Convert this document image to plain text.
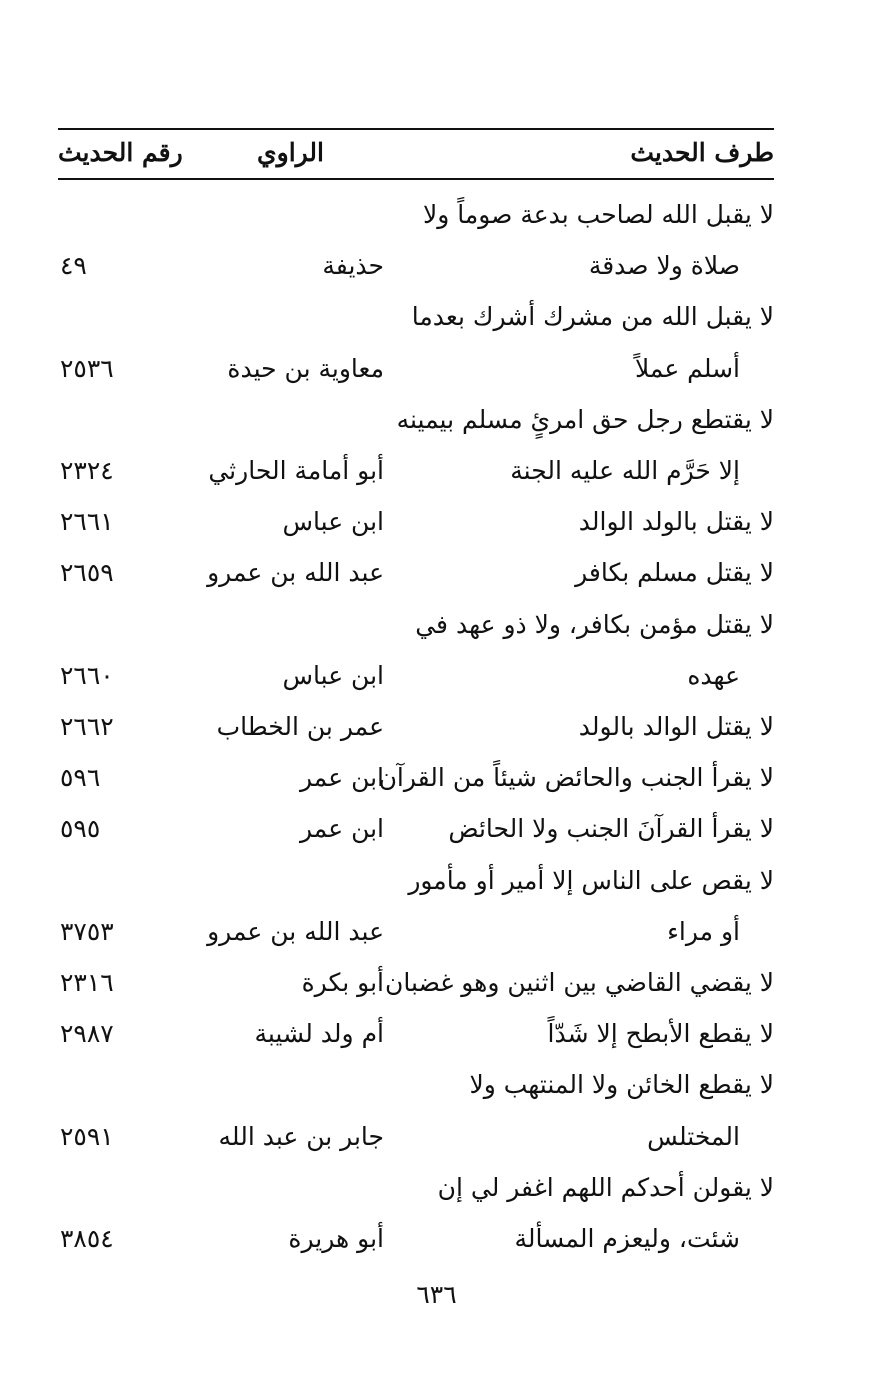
طرف الحديث
الراوي
رقم الحديث
لا يقبل الله لصاحب بدعة صوماً ولا
صلاة ولا صدقة
حذيفة
٤٩
لا يقبل الله من مشرك أشرك بعدما
أسلم عملاً
معاوية بن حيدة
٢٥٣٦
لا يقتطع رجل حق امرئٍ مسلم بيمينه
إلا حَرَّم الله عليه الجنة
أبو أمامة الحارثي
٢٣٢٤
لا يقتل بالولد الوالد
ابن عباس
٢٦٦١
لا يقتل مسلم بكافر
عبد الله بن عمرو
٢٦٥٩
لا يقتل مؤمن بكافر، ولا ذو عهد في
عهده
ابن عباس
٢٦٦٠
لا يقتل الوالد بالولد
عمر بن الخطاب
٢٦٦٢
لا يقرأ الجنب والحائض شيئاً من القرآن
ابن عمر
٥٩٦
لا يقرأ القرآنَ الجنب ولا الحائض
ابن عمر
٥٩٥
لا يقص على الناس إلا أمير أو مأمور
أو مراء
عبد الله بن عمرو
٣٧٥٣
لا يقضي القاضي بين اثنين وهو غضبان
أبو بكرة
٢٣١٦
لا يقطع الأبطح إلا شَدّاً
أم ولد لشيبة
٢٩٨٧
لا يقطع الخائن ولا المنتهب ولا
المختلس
جابر بن عبد الله
٢٥٩١
لا يقولن أحدكم اللهم اغفر لي إن
شئت، وليعزم المسألة
أبو هريرة
٣٨٥٤
٦٣٦
